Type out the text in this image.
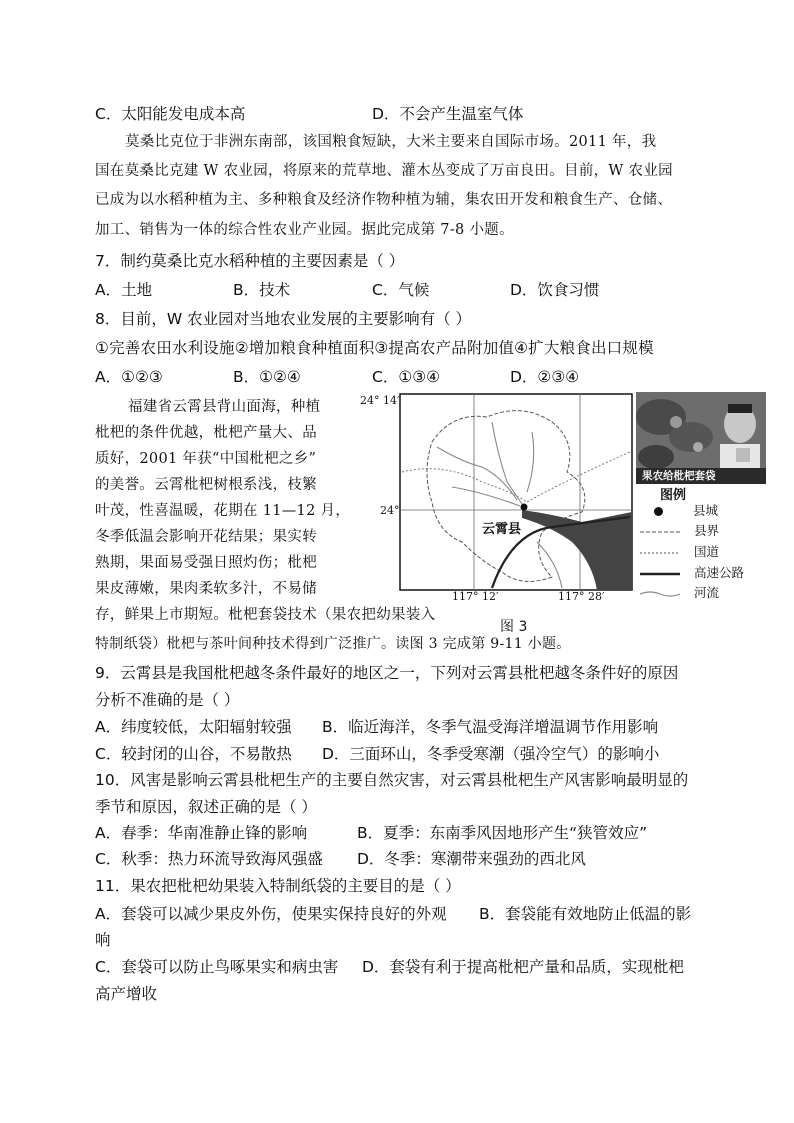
C．太阳能发电成本高	D．不会产生温室气体
莫桑比克位于非洲东南部，该国粮食短缺，大米主要来自国际市场。2011 年，我
国在莫桑比克建 W 农业园，将原来的荒草地、灌木丛变成了万亩良田。目前，W 农业园
已成为以水稻种植为主、多种粮食及经济作物种植为辅，集农田开发和粮食生产、仓储、
加工、销售为一体的综合性农业产业园。据此完成第 7-8 小题。
7．制约莫桑比克水稻种植的主要因素是（ ）
A．土地	B．技术	C．气候	D．饮食习惯
8．目前，W 农业园对当地农业发展的主要影响有（ ）
①完善农田水利设施②增加粮食种植面积③提高农产品附加值④扩大粮食出口规模
A．①②③	B．①②④	C．①③④	D．②③④
福建省云霄县背山面海，种植
枇杷的条件优越，枇杷产量大、品
质好，2001 年获“中国枇杷之乡”
的美誉。云霄枇杷树根系浅，枝繁
叶茂，性喜温暖，花期在 11—12 月，
冬季低温会影响开花结果；果实转
熟期，果面易受强日照灼伤；枇杷
果皮薄嫩，果肉柔软多汁，不易储
存，鲜果上市期短。枇杷套袋技术（果农把幼果装入
特制纸袋）枇杷与茶叶间种技术得到广泛推广。读图 3 完成第 9-11 小题。
24° 14′
24°
117° 12′	117° 28′
云霄县
图 3
果农给枇杷套袋
图例
县城
县界
国道
高速公路
河流
9．云霄县是我国枇杷越冬条件最好的地区之一，下列对云霄县枇杷越冬条件好的原因
分析不准确的是（ ）
A．纬度较低，太阳辐射较强 B．临近海洋，冬季气温受海洋增温调节作用影响
C．较封闭的山谷，不易散热 D．三面环山，冬季受寒潮（强冷空气）的影响小
10．风害是影响云霄县枇杷生产的主要自然灾害，对云霄县枇杷生产风害影响最明显的
季节和原因，叙述正确的是（ ）
A．春季：华南准静止锋的影响	B．夏季：东南季风因地形产生“狭管效应”
C．秋季：热力环流导致海风强盛 D．冬季：寒潮带来强劲的西北风
11．果农把枇杷幼果装入特制纸袋的主要目的是（ ）
A．套袋可以减少果皮外伤，使果实保持良好的外观 B．套袋能有效地防止低温的影
响
C．套袋可以防止鸟啄果实和病虫害 D．套袋有利于提高枇杷产量和品质，实现枇杷
高产增收
